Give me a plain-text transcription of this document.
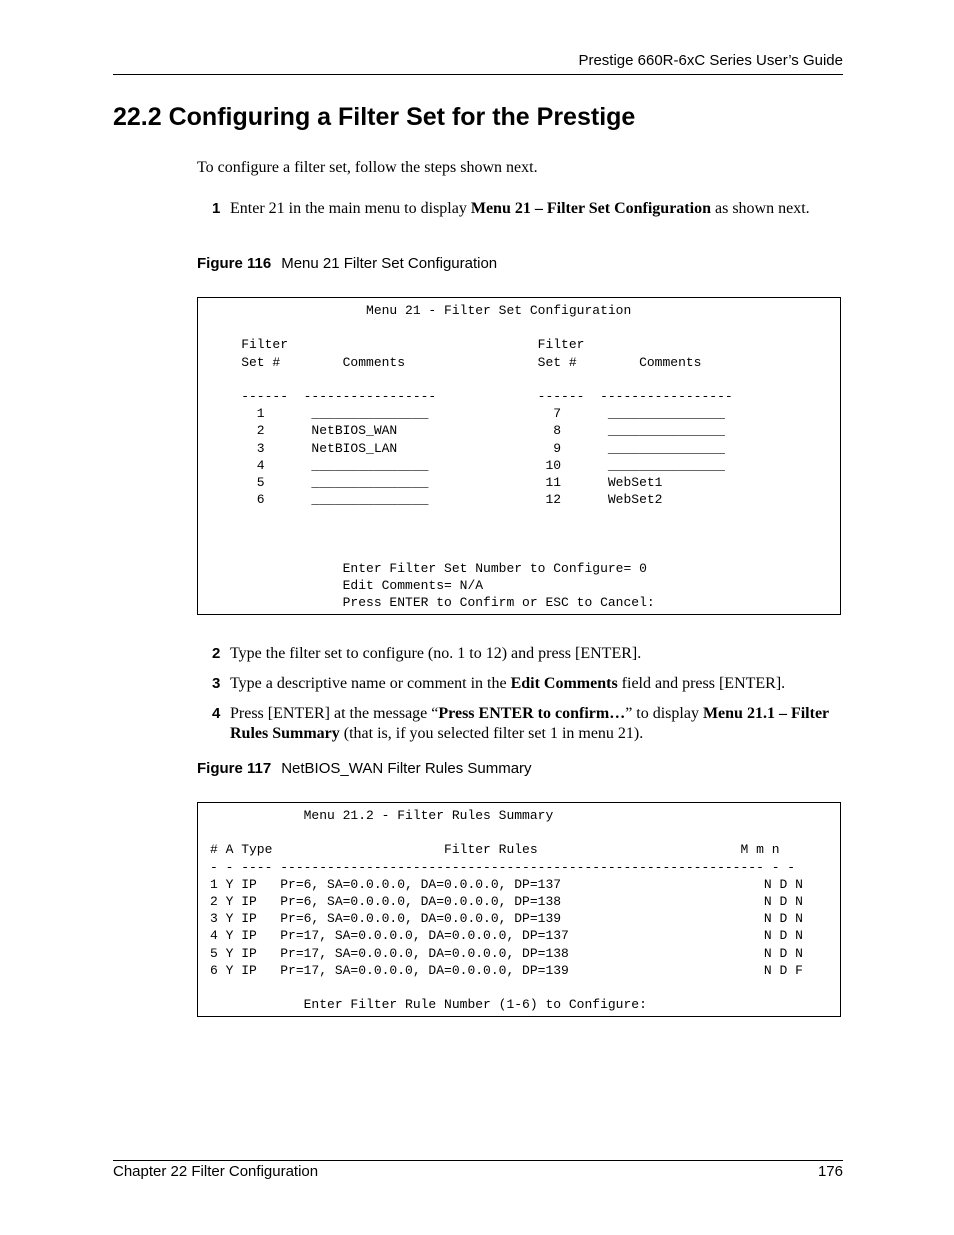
Prestige 660R-6xC Series User’s Guide
22.2 Configuring a Filter Set for the Prestige
To configure a filter set, follow the steps shown next.
1 Enter 21 in the main menu to display Menu 21 – Filter Set Configuration as shown next.
Figure 116 Menu 21 Filter Set Configuration
Menu 21 - Filter Set Configuration

Filter                                Filter
Set #        Comments                 Set #        Comments

------  -----------------             ------  -----------------
1      _______________                7      _______________
2      NetBIOS_WAN                    8      _______________
3      NetBIOS_LAN                    9      _______________
4      _______________               10      _______________
5      _______________               11      WebSet1
6      _______________               12      WebSet2

Enter Filter Set Number to Configure= 0
Edit Comments= N/A
Press ENTER to Confirm or ESC to Cancel:
2 Type the filter set to configure (no. 1 to 12) and press [ENTER].
3 Type a descriptive name or comment in the Edit Comments field and press [ENTER].
4 Press [ENTER] at the message “Press ENTER to confirm…” to display Menu 21.1 – Filter Rules Summary (that is, if you selected filter set 1 in menu 21).
Figure 117 NetBIOS_WAN Filter Rules Summary
Menu 21.2 - Filter Rules Summary

# A Type                      Filter Rules                          M m n
- - ---- -------------------------------------------------------------- - -
1 Y IP   Pr=6, SA=0.0.0.0, DA=0.0.0.0, DP=137                          N D N
2 Y IP   Pr=6, SA=0.0.0.0, DA=0.0.0.0, DP=138                          N D N
3 Y IP   Pr=6, SA=0.0.0.0, DA=0.0.0.0, DP=139                          N D N
4 Y IP   Pr=17, SA=0.0.0.0, DA=0.0.0.0, DP=137                         N D N
5 Y IP   Pr=17, SA=0.0.0.0, DA=0.0.0.0, DP=138                         N D N
6 Y IP   Pr=17, SA=0.0.0.0, DA=0.0.0.0, DP=139                         N D F

Enter Filter Rule Number (1-6) to Configure:
Chapter 22 Filter Configuration	176
